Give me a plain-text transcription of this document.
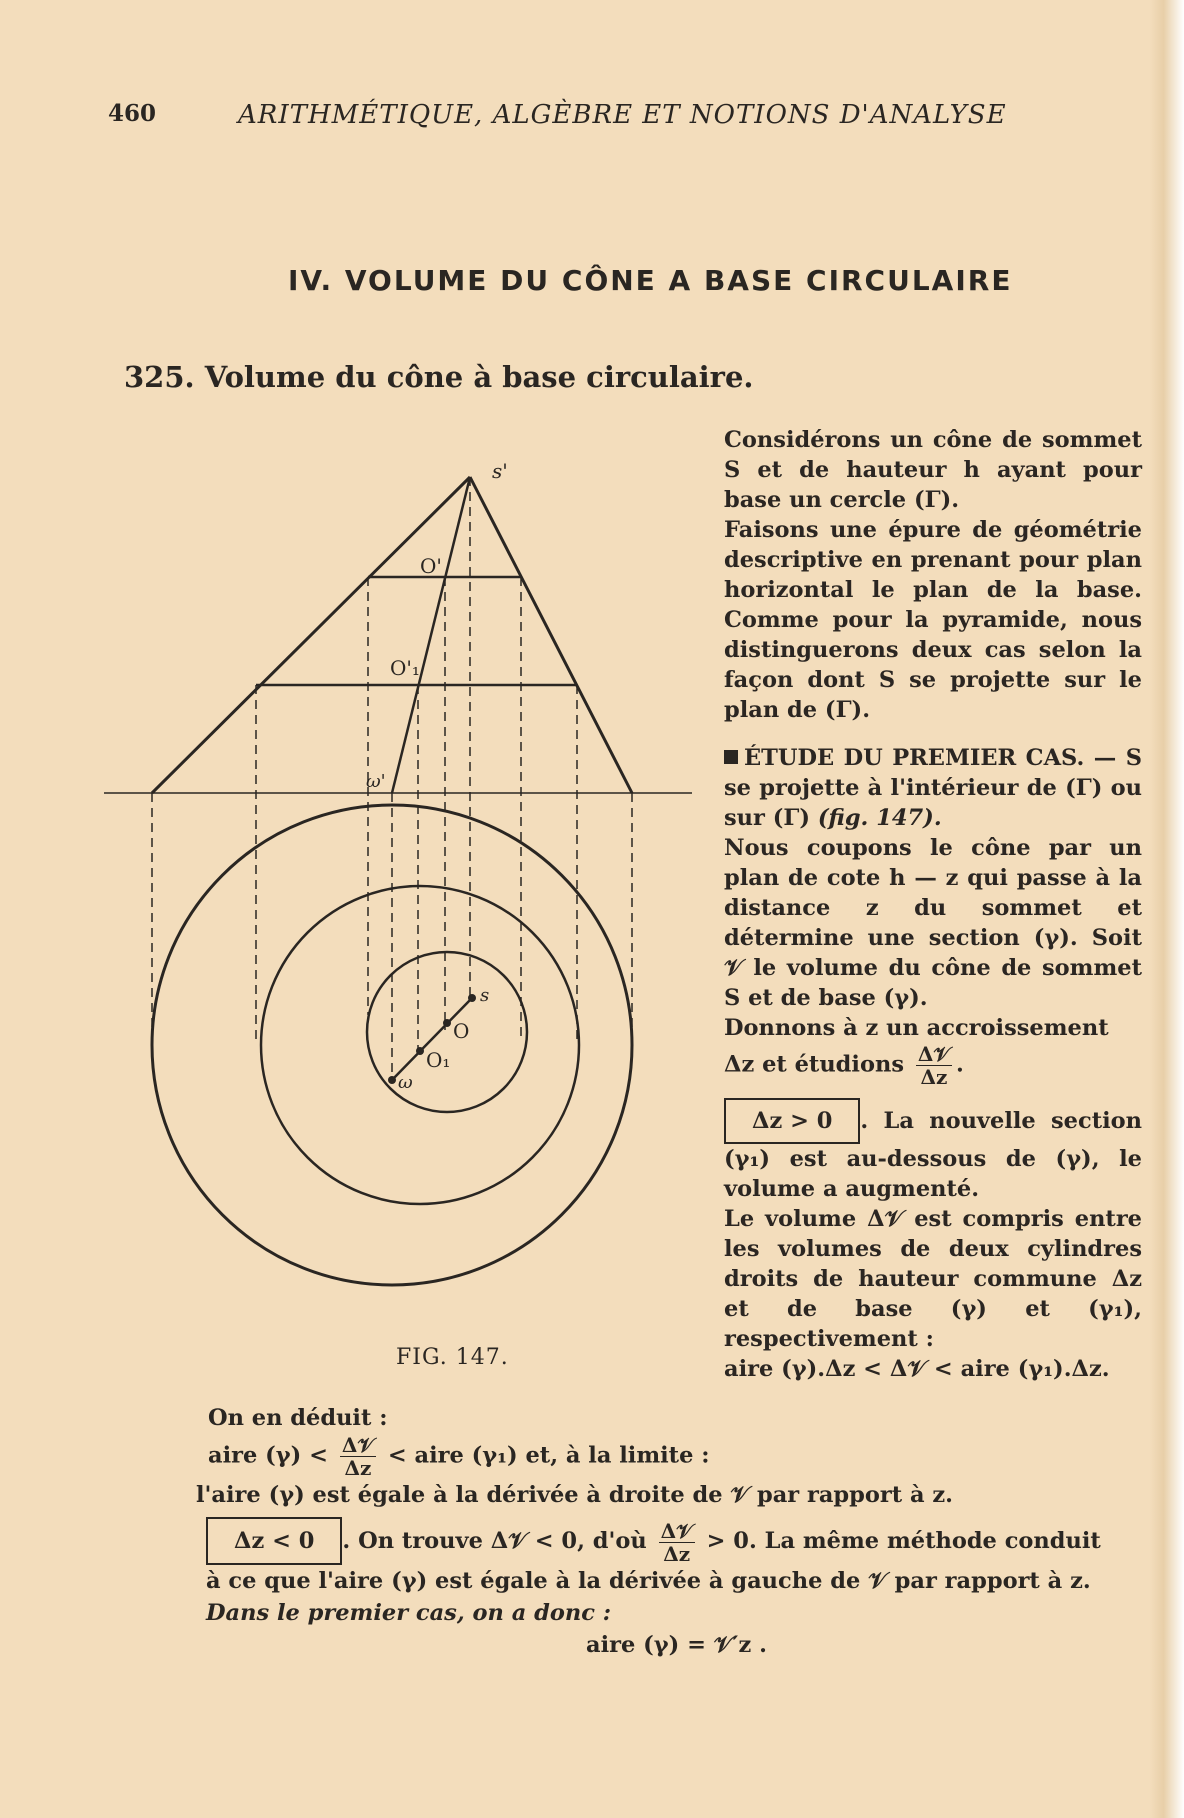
460	ARITHMÉTIQUE, ALGÈBRE ET NOTIONS D'ANALYSE
IV. VOLUME DU CÔNE A BASE CIRCULAIRE
325. Volume du cône à base circulaire.
s'
O'
O'₁
ω'
s
O
O₁
ω
FIG. 147.

Considérons un cône de sommet S et de hauteur h ayant pour base un cercle (Γ).

Faisons une épure de géométrie descriptive en prenant pour plan horizontal le plan de la base. Comme pour la pyramide, nous distinguerons deux cas selon la façon dont S se projette sur le plan de (Γ).

ÉTUDE DU PREMIER CAS. — S se projette à l'intérieur de (Γ) ou sur (Γ) (fig. 147).

Nous coupons le cône par un plan de cote h — z qui passe à la distance z du sommet et détermine une section (γ). Soit 𝒱 le volume du cône de sommet S et de base (γ).

Donnons à z un accroissement
Δz et étudions $\frac{\text{Δ𝒱}}{\Delta z}$ .

Δz > 0 . La nouvelle section (γ₁) est au-dessous de (γ), le volume a augmenté.

Le volume Δ𝒱 est compris entre les volumes de deux cylindres droits de hauteur commune Δz et de base (γ) et (γ₁), respectivement :

aire (γ).Δz < Δ𝒱 < aire (γ₁).Δz.

On en déduit :

aire $(\gamma) < \frac{\text{Δ𝒱}}{\Delta z}$ < aire (γ₁) et, à la limite :

l'aire (γ) est égale à la dérivée à droite de 𝒱 par rapport à z.

Δz < 0 . On trouve Δ𝒱 < 0, d'où $\frac{\text{Δ𝒱}}{\Delta z} > 0$. La même méthode conduit

à ce que l'aire (γ) est égale à la dérivée à gauche de 𝒱 par rapport à z.

Dans le premier cas, on a donc :

aire (γ) = 𝒱′z .
